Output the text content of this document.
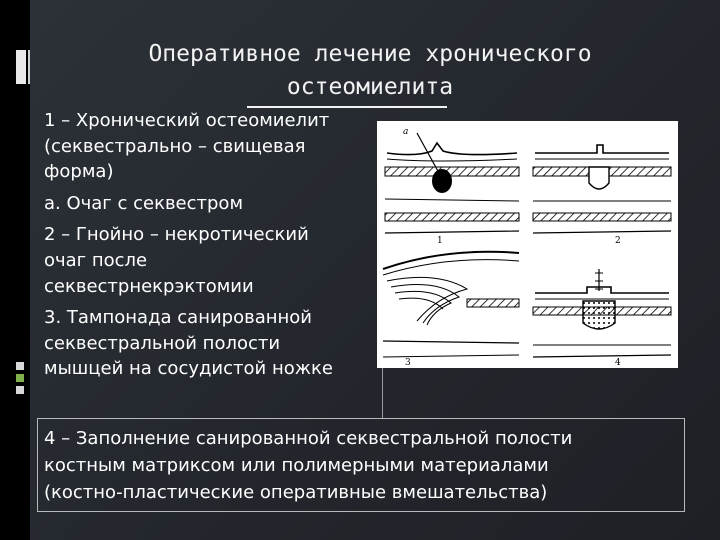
Оперативное лечение хронического
остеомиелита

1 – Хронический остеомиелит

(секвестрально – свищевая

форма)

а. Очаг с секвестром

2 – Гнойно – некротический

очаг после

секвестрнекрэктомии

3. Тампонада санированной

секвестральной полости

мышцей на сосудистой ножке

а
1	2
3	4
4 – Заполнение санированной секвестральной полости
костным матриксом или полимерными материалами
(костно-пластические оперативные вмешательства)
